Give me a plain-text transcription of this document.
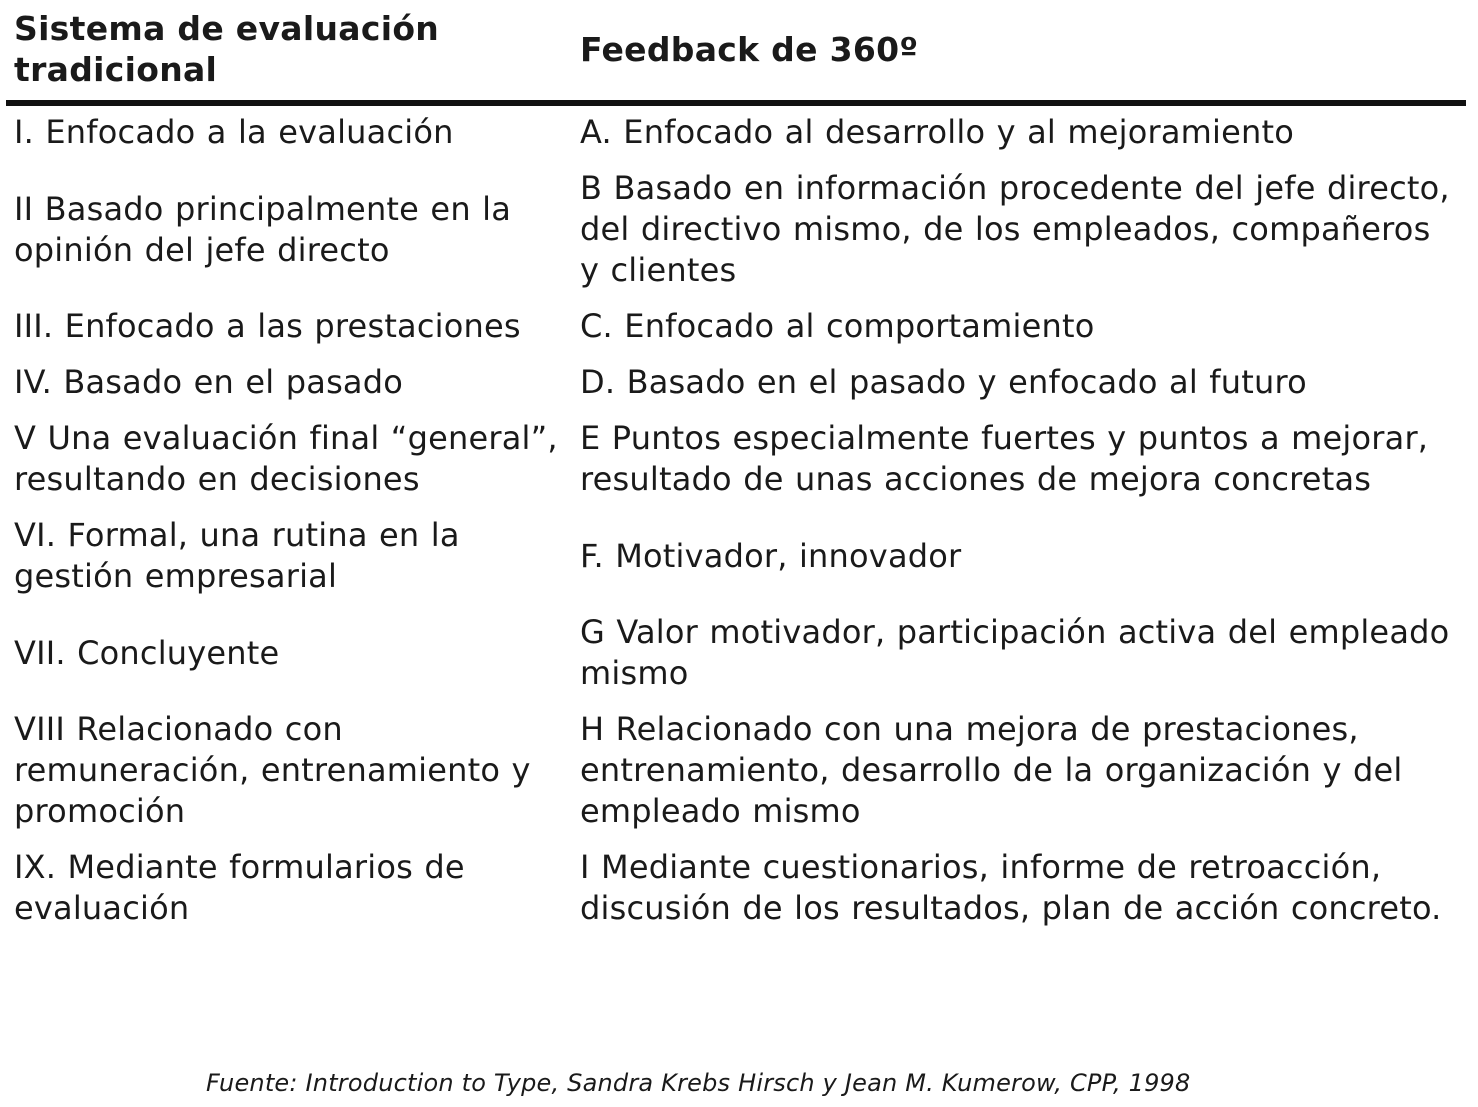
Sistema de evaluación tradicional	Feedback de 360º
I. Enfocado a la evaluación	A. Enfocado al desarrollo y al mejoramiento
II Basado principalmente en la opinión del jefe directo	B Basado en información procedente del jefe directo, del directivo mismo, de los empleados, compañeros y clientes
III. Enfocado a las prestaciones	C. Enfocado al comportamiento
IV. Basado en el pasado	D. Basado en el pasado y enfocado al futuro
V Una evaluación final “general”, resultando en decisiones	E Puntos especialmente fuertes y puntos a mejorar, resultado de unas acciones de mejora concretas
VI. Formal, una rutina en la gestión empresarial	F. Motivador, innovador
VII. Concluyente	G Valor motivador, participación activa del empleado mismo
VIII Relacionado con remuneración, entrenamiento y promoción	H Relacionado con una mejora de prestaciones, entrenamiento, desarrollo de la organización y del empleado mismo
IX. Mediante formularios de evaluación	I Mediante cuestionarios, informe de retroacción, discusión de los resultados, plan de acción concreto.
Fuente: Introduction to Type, Sandra Krebs Hirsch y Jean M. Kumerow, CPP, 1998
